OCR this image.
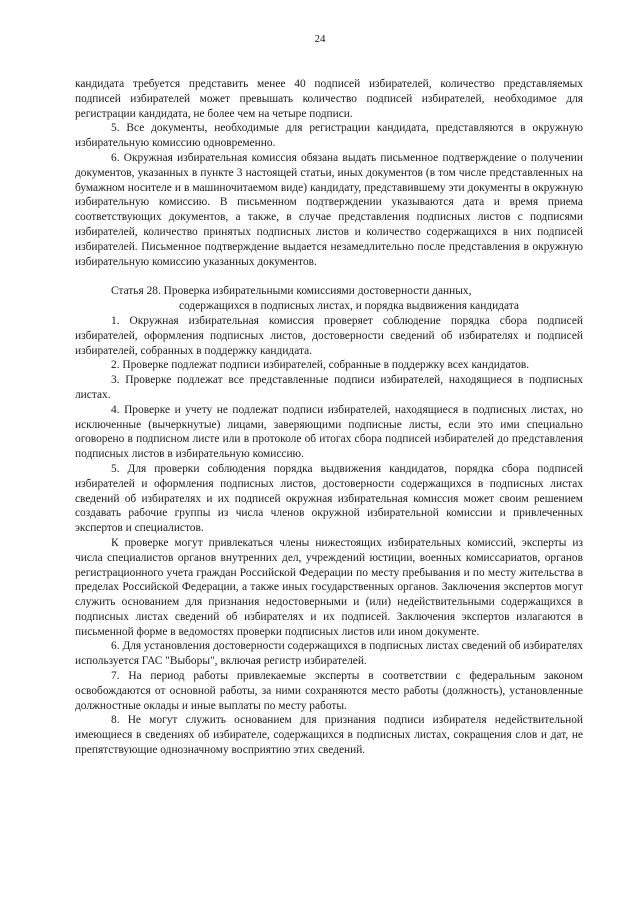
24

кандидата требуется представить менее 40 подписей избирателей, количество представляемых подписей избирателей может превышать количество подписей избирателей, необходимое для регистрации кандидата, не более чем на четыре подписи.

5. Все документы, необходимые для регистрации кандидата, представляются в окружную избирательную комиссию одновременно.

6. Окружная избирательная комиссия обязана выдать письменное подтверждение о получении документов, указанных в пункте 3 настоящей статьи, иных документов (в том числе представленных на бумажном носителе и в машиночитаемом виде) кандидату, представившему эти документы в окружную избирательную комиссию. В письменном подтверждении указываются дата и время приема соответствующих документов, а также, в случае представления подписных листов с подписями избирателей, количество принятых подписных листов и количество содержащихся в них подписей избирателей. Письменное подтверждение выдается незамедлительно после представления в окружную избирательную комиссию указанных документов.

Статья 28. Проверка избирательными комиссиями достоверности данных,
содержащихся в подписных листах, и порядка выдвижения кандидата

1. Окружная избирательная комиссия проверяет соблюдение порядка сбора подписей избирателей, оформления подписных листов, достоверности сведений об избирателях и подписей избирателей, собранных в поддержку кандидата.

2. Проверке подлежат подписи избирателей, собранные в поддержку всех кандидатов.

3. Проверке подлежат все представленные подписи избирателей, находящиеся в подписных листах.

4. Проверке и учету не подлежат подписи избирателей, находящиеся в подписных листах, но исключенные (вычеркнутые) лицами, заверяющими подписные листы, если это ими специально оговорено в подписном листе или в протоколе об итогах сбора подписей избирателей до представления подписных листов в избирательную комиссию.

5. Для проверки соблюдения порядка выдвижения кандидатов, порядка сбора подписей избирателей и оформления подписных листов, достоверности содержащихся в подписных листах сведений об избирателях и их подписей окружная избирательная комиссия может своим решением создавать рабочие группы из числа членов окружной избирательной комиссии и привлеченных экспертов и специалистов.

К проверке могут привлекаться члены нижестоящих избирательных комиссий, эксперты из числа специалистов органов внутренних дел, учреждений юстиции, военных комиссариатов, органов регистрационного учета граждан Российской Федерации по месту пребывания и по месту жительства в пределах Российской Федерации, а также иных государственных органов. Заключения экспертов могут служить основанием для признания недостоверными и (или) недействительными содержащихся в подписных листах сведений об избирателях и их подписей. Заключения экспертов излагаются в письменной форме в ведомостях проверки подписных листов или ином документе.

6. Для установления достоверности содержащихся в подписных листах сведений об избирателях используется ГАС "Выборы", включая регистр избирателей.

7. На период работы привлекаемые эксперты в соответствии с федеральным законом освобождаются от основной работы, за ними сохраняются место работы (должность), установленные должностные оклады и иные выплаты по месту работы.

8. Не могут служить основанием для признания подписи избирателя недействительной имеющиеся в сведениях об избирателе, содержащихся в подписных листах, сокращения слов и дат, не препятствующие однозначному восприятию этих сведений.
